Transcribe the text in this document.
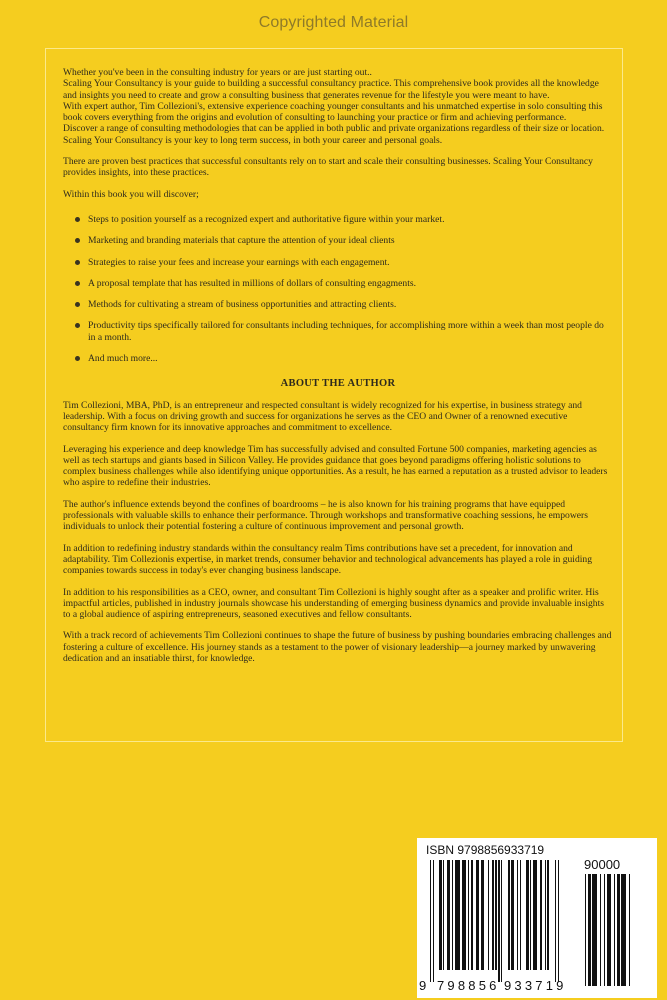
Copyrighted Material

Whether you've been in the consulting industry for years or are just starting out..

Scaling Your Consultancy is your guide to building a successful consultancy practice. This comprehensive book provides all the knowledge and insights you need to create and grow a consulting business that generates revenue for the lifestyle you were meant to have.

With expert author, Tim Collezioni's, extensive experience coaching younger consultants and his unmatched expertise in solo consulting this book covers everything from the origins and evolution of consulting to launching your practice or firm and achieving performance.

Discover a range of consulting methodologies that can be applied in both public and private organizations regardless of their size or location. Scaling Your Consultancy is your key to long term success, in both your career and personal goals.

There are proven best practices that successful consultants rely on to start and scale their consulting businesses. Scaling Your Consultancy provides insights, into these practices.

Within this book you will discover;

Steps to position yourself as a recognized expert and authoritative figure within your market.
Marketing and branding materials that capture the attention of your ideal clients
Strategies to raise your fees and increase your earnings with each engagement.
A proposal template that has resulted in millions of dollars of consulting engagments.
Methods for cultivating a stream of business opportunities and attracting clients.
Productivity tips specifically tailored for consultants including techniques, for accomplishing more within a week than most people do in a month.
And much more...
ABOUT THE AUTHOR

Tim Collezioni, MBA, PhD, is an entrepreneur and respected consultant is widely recognized for his expertise, in business strategy and leadership. With a focus on driving growth and success for organizations he serves as the CEO and Owner of a renowned executive consultancy firm known for its innovative approaches and commitment to excellence.

Leveraging his experience and deep knowledge Tim has successfully advised and consulted Fortune 500 companies, marketing agencies as well as tech startups and giants based in Silicon Valley. He provides guidance that goes beyond paradigms offering holistic solutions to complex business challenges while also identifying unique opportunities. As a result, he has earned a reputation as a trusted advisor to leaders who aspire to redefine their industries.

The author's influence extends beyond the confines of boardrooms – he is also known for his training programs that have equipped professionals with valuable skills to enhance their performance. Through workshops and transformative coaching sessions, he empowers individuals to unlock their potential fostering a culture of continuous improvement and personal growth.

In addition to redefining industry standards within the consultancy realm Tims contributions have set a precedent, for innovation and adaptability. Tim Collezionis expertise, in market trends, consumer behavior and technological advancements has played a role in guiding companies towards success in today's ever changing business landscape.

In addition to his responsibilities as a CEO, owner, and consultant Tim Collezioni is highly sought after as a speaker and prolific writer. His impactful articles, published in industry journals showcase his understanding of emerging business dynamics and provide invaluable insights to a global audience of aspiring entrepreneurs, seasoned executives and fellow consultants.

With a track record of achievements Tim Collezioni continues to shape the future of business by pushing boundaries embracing challenges and fostering a culture of excellence. His journey stands as a testament to the power of visionary leadership—a journey marked by unwavering dedication and an insatiable thirst, for knowledge.

ISBN 9798856933719
90000
9 798856 933719
